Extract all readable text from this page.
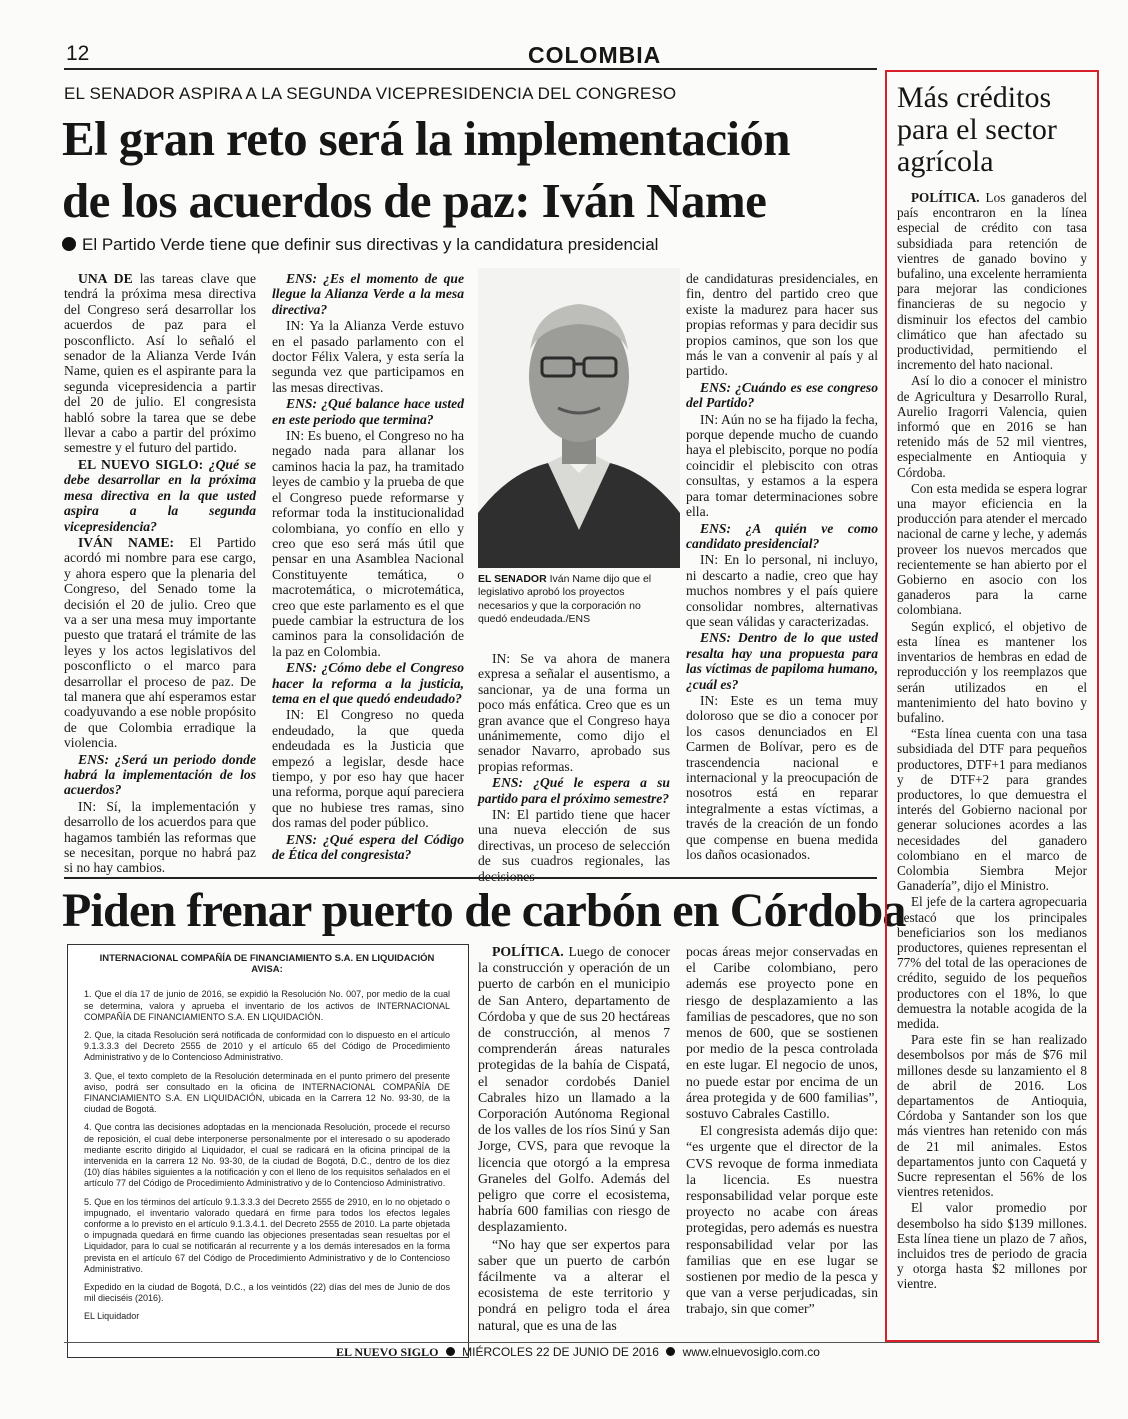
12	COLOMBIA
EL SENADOR ASPIRA A LA SEGUNDA VICEPRESIDENCIA DEL CONGRESO
El gran reto será la implementación
de los acuerdos de paz: Iván Name
El Partido Verde tiene que definir sus directivas y la candidatura presidencial

UNA DE las tareas clave que tendrá la próxima mesa directiva del Congreso será desarrollar los acuerdos de paz para el posconflicto. Así lo señaló el senador de la Alianza Verde Iván Name, quien es el aspirante para la segunda vicepresidencia a partir del 20 de julio. El congresista habló sobre la tarea que se debe llevar a cabo a partir del próximo semestre y el futuro del partido.

EL NUEVO SIGLO: ¿Qué se debe desarrollar en la próxima mesa directiva en la que usted aspira a la segunda vicepresidencia?

IVÁN NAME: El Partido acordó mi nombre para ese cargo, y ahora espero que la plenaria del Congreso, del Senado tome la decisión el 20 de julio. Creo que va a ser una mesa muy importante puesto que tratará el trámite de las leyes y los actos legislativos del posconflicto o el marco para desarrollar el proceso de paz. De tal manera que ahí esperamos estar coadyuvando a ese noble propósito de que Colombia erradique la violencia.

ENS: ¿Será un periodo donde habrá la implementación de los acuerdos?

IN: Sí, la implementación y desarrollo de los acuerdos para que hagamos también las reformas que se necesitan, porque no habrá paz si no hay cambios.

ENS: ¿Es el momento de que llegue la Alianza Verde a la mesa directiva?

IN: Ya la Alianza Verde estuvo en el pasado parlamento con el doctor Félix Valera, y esta sería la segunda vez que participamos en las mesas directivas.

ENS: ¿Qué balance hace usted en este periodo que termina?

IN: Es bueno, el Congreso no ha negado nada para allanar los caminos hacia la paz, ha tramitado leyes de cambio y la prueba de que el Congreso puede reformarse y reformar toda la institucionalidad colombiana, yo confío en ello y creo que eso será más útil que pensar en una Asamblea Nacional Constituyente temática, o macrotemática, o microtemática, creo que este parlamento es el que puede cambiar la estructura de los caminos para la consolidación de la paz en Colombia.

ENS: ¿Cómo debe el Congreso hacer la reforma a la justicia, tema en el que quedó endeudado?

IN: El Congreso no queda endeudado, la que queda endeudada es la Justicia que empezó a legislar, desde hace tiempo, y por eso hay que hacer una reforma, porque aquí pareciera que no hubiese tres ramas, sino dos ramas del poder público.

ENS: ¿Qué espera del Código de Ética del congresista?

EL SENADOR Iván Name dijo que el legislativo aprobó los proyectos necesarios y que la corporación no quedó endeudada./ENS

IN: Se va ahora de manera expresa a señalar el ausentismo, a sancionar, ya de una forma un poco más enfática. Creo que es un gran avance que el Congreso haya unánimemente, como dijo el senador Navarro, aprobado sus propias reformas.

ENS: ¿Qué le espera a su partido para el próximo semestre?

IN: El partido tiene que hacer una nueva elección de sus directivas, un proceso de selección de sus cuadros regionales, las

de candidaturas presidenciales, en fin, dentro del partido creo que existe la madurez para hacer sus propias reformas y para decidir sus propios caminos, que son los que más le van a convenir al país y al partido.

ENS: ¿Cuándo es ese congreso del Partido?

IN: Aún no se ha fijado la fecha, porque depende mucho de cuando haya el plebiscito, porque no podía coincidir el plebiscito con otras consultas, y estamos a la espera para tomar determinaciones sobre ella.

ENS: ¿A quién ve como candidato presidencial?

IN: En lo personal, ni incluyo, ni descarto a nadie, creo que hay muchos nombres y el país quiere consolidar nombres, alternativas que sean válidas y caracterizadas.

ENS: Dentro de lo que usted resalta hay una propuesta para las víctimas de papiloma humano, ¿cuál es?

IN: Este es un tema muy doloroso que se dio a conocer por los casos denunciados en El Carmen de Bolívar, pero es de trascendencia nacional e internacional y la preocupación de nosotros está en reparar integralmente a estas víctimas, a través de la creación de un fondo que compense en buena medida los daños ocasionados.

Piden frenar puerto de carbón en Córdoba
INTERNACIONAL COMPAÑÍA DE FINANCIAMIENTO S.A. EN LIQUIDACIÓN
AVISA:

1. Que el día 17 de junio de 2016, se expidió la Resolución No. 007, por medio de la cual se determina, valora y aprueba el inventario de los activos de INTERNACIONAL COMPAÑÍA DE FINANCIAMIENTO S.A. EN LIQUIDACIÓN.

2. Que, la citada Resolución será notificada de conformidad con lo dispuesto en el artículo 9.1.3.3.3 del Decreto 2555 de 2010 y el artículo 65 del Código de Procedimiento Administrativo y de lo Contencioso Administrativo.

3. Que, el texto completo de la Resolución determinada en el punto primero del presente aviso, podrá ser consultado en la oficina de INTERNACIONAL COMPAÑÍA DE FINANCIAMIENTO S.A. EN LIQUIDACIÓN, ubicada en la Carrera 12 No. 93-30, de la ciudad de Bogotá.

4. Que contra las decisiones adoptadas en la mencionada Resolución, procede el recurso de reposición, el cual debe interponerse personalmente por el interesado o su apoderado mediante escrito dirigido al Liquidador, el cual se radicará en la oficina principal de la intervenida en la carrera 12 No. 93-30, de la ciudad de Bogotá, D.C., dentro de los diez (10) días hábiles siguientes a la notificación y con el lleno de los requisitos señalados en el artículo 77 del Código de Procedimiento Administrativo y de lo Contencioso Administrativo.

5. Que en los términos del artículo 9.1.3.3.3 del Decreto 2555 de 2910, en lo no objetado o impugnado, el inventario valorado quedará en firme para todos los efectos legales conforme a lo previsto en el artículo 9.1.3.4.1. del Decreto 2555 de 2010. La parte objetada o impugnada quedará en firme cuando las objeciones presentadas sean resueltas por el Liquidador, para lo cual se notificarán al recurrente y a los demás interesados en la forma prevista en el artículo 67 del Código de Procedimiento Administrativo y de lo Contencioso Administrativo.

Expedido en la ciudad de Bogotá, D.C., a los veintidós (22) días del mes de Junio de dos mil dieciséis (2016).

EL Liquidador

POLÍTICA. Luego de conocer la construcción y operación de un puerto de carbón en el municipio de San Antero, departamento de Córdoba y que de sus 20 hectáreas de construcción, al menos 7 comprenderán áreas naturales protegidas de la bahía de Cispatá, el senador cordobés Daniel Cabrales hizo un llamado a la Corporación Autónoma Regional de los valles de los ríos Sinú y San Jorge, CVS, para que revoque la licencia que otorgó a la empresa Graneles del Golfo. Además del peligro que corre el ecosistema, habría 600 familias con riesgo de desplazamiento.

“No hay que ser expertos para saber que un puerto de carbón fácilmente va a alterar el ecosistema de este territorio y pondrá en peligro toda el área natural, que es una de las

pocas áreas mejor conservadas en el Caribe colombiano, pero además ese proyecto pone en riesgo de desplazamiento a las familias de pescadores, que no son menos de 600, que se sostienen por medio de la pesca controlada en este lugar. El negocio de unos, no puede estar por encima de un área protegida y de 600 familias”, sostuvo Cabrales Castillo.

El congresista además dijo que: “es urgente que el director de la CVS revoque de forma inmediata la licencia. Es nuestra responsabilidad velar porque este proyecto no acabe con áreas protegidas, pero además es nuestra responsabilidad velar por las familias que en ese lugar se sostienen por medio de la pesca y que van a verse perjudicadas, sin trabajo, sin que comer”

Más créditos para el sector agrícola

POLÍTICA. Los ganaderos del país encontraron en la línea especial de crédito con tasa subsidiada para retención de vientres de ganado bovino y bufalino, una excelente herramienta para mejorar las condiciones financieras de su negocio y disminuir los efectos del cambio climático que han afectado su productividad, permitiendo el incremento del hato nacional.

Así lo dio a conocer el ministro de Agricultura y Desarrollo Rural, Aurelio Iragorri Valencia, quien informó que en 2016 se han retenido más de 52 mil vientres, especialmente en Antioquia y Córdoba.

Con esta medida se espera lograr una mayor eficiencia en la producción para atender el mercado nacional de carne y leche, y además proveer los nuevos mercados que recientemente se han abierto por el Gobierno en asocio con los ganaderos para la carne colombiana.

Según explicó, el objetivo de esta línea es mantener los inventarios de hembras en edad de reproducción y los reemplazos que serán utilizados en el mantenimiento del hato bovino y bufalino.

“Esta línea cuenta con una tasa subsidiada del DTF para pequeños productores, DTF+1 para medianos y de DTF+2 para grandes productores, lo que demuestra el interés del Gobierno nacional por generar soluciones acordes a las necesidades del ganadero colombiano en el marco de Colombia Siembra Mejor Ganadería”, dijo el Ministro.

El jefe de la cartera agropecuaria destacó que los principales beneficiarios son los medianos productores, quienes representan el 77% del total de las operaciones de crédito, seguido de los pequeños productores con el 18%, lo que demuestra la notable acogida de la medida.

Para este fin se han realizado desembolsos por más de $76 mil millones desde su lanzamiento el 8 de abril de 2016. Los departamentos de Antioquia, Córdoba y Santander son los que más vientres han retenido con más de 21 mil animales. Estos departamentos junto con Caquetá y Sucre representan el 56% de los vientres retenidos.

El valor promedio por desembolso ha sido $139 millones. Esta línea tiene un plazo de 7 años, incluidos tres de periodo de gracia y otorga hasta $2 millones por vientre.

EL NUEVO SIGLO MIÉRCOLES 22 DE JUNIO DE 2016 www.elnuevosiglo.com.co
